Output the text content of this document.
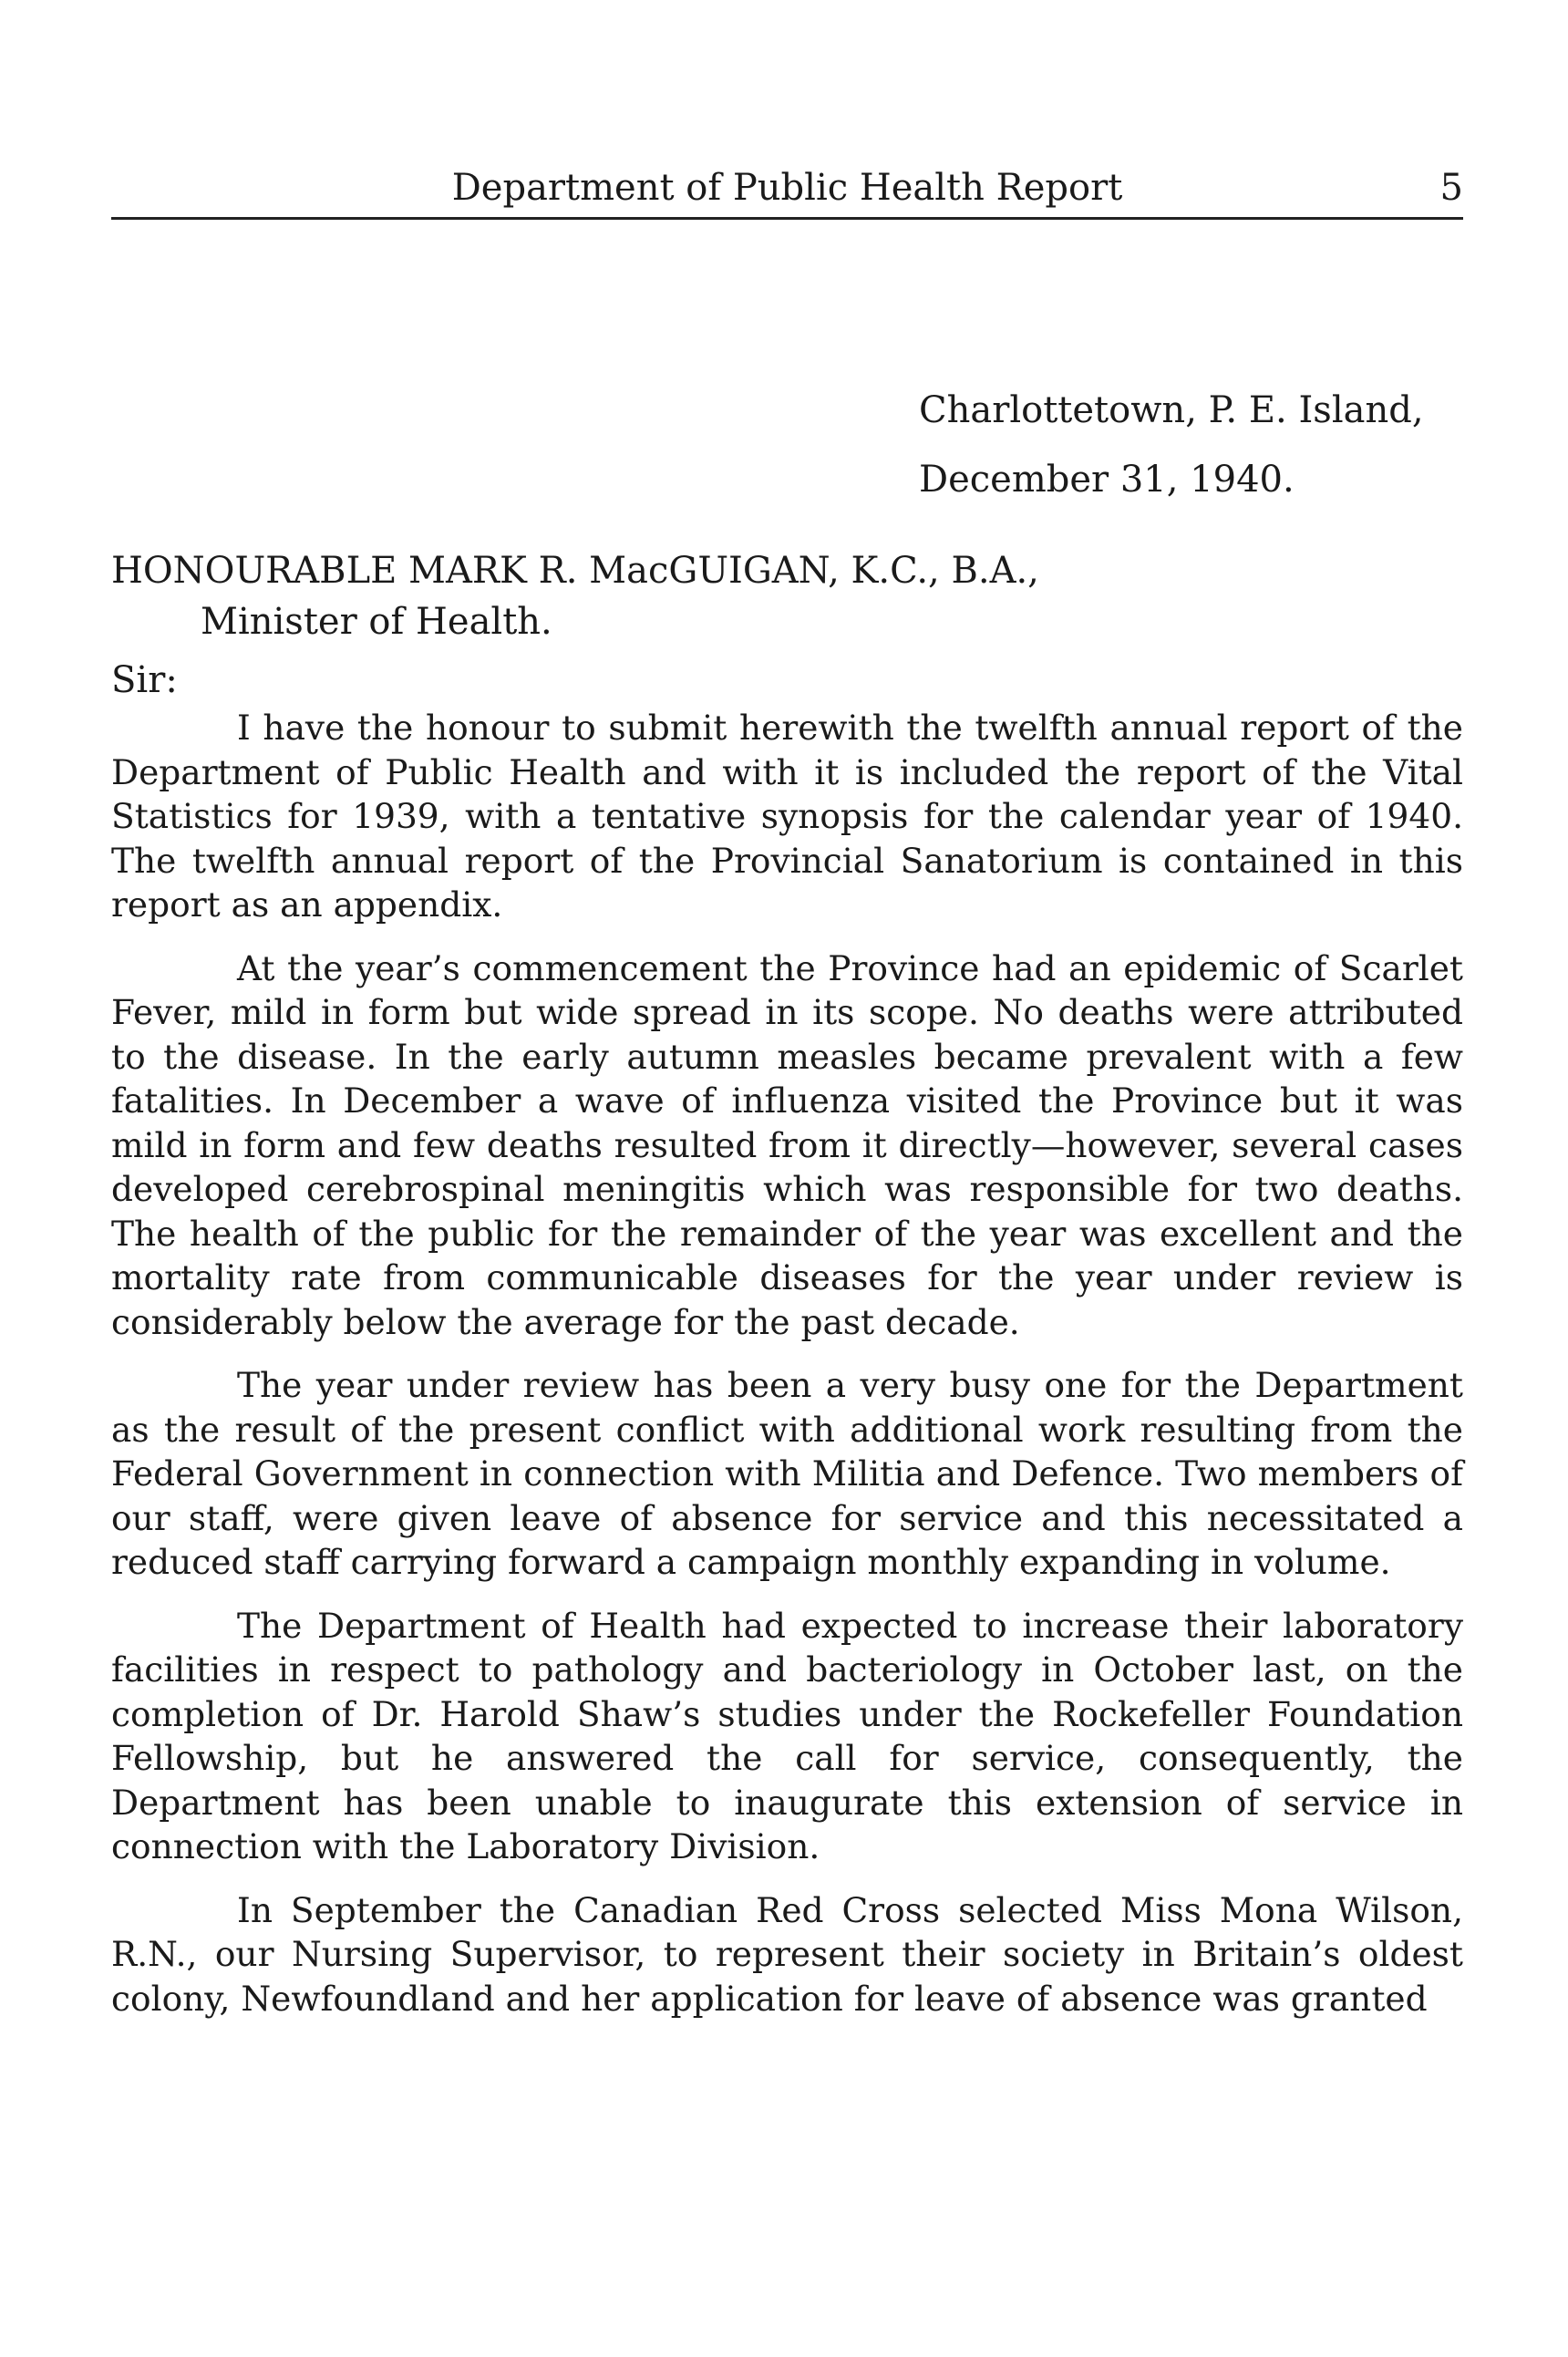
Department of Public Health Report	5
Charlottetown, P. E. Island,
December 31, 1940.
HONOURABLE MARK R. MacGUIGAN, K.C., B.A.,
Minister of Health.
Sir:

I have the honour to submit herewith the twelfth annual report of the Department of Public Health and with it is included the report of the Vital Statistics for 1939, with a tentative synopsis for the calendar year of 1940. The twelfth annual report of the Provincial Sanatorium is contained in this report as an appendix.

At the year’s commencement the Province had an epidemic of Scarlet Fever, mild in form but wide spread in its scope. No deaths were attributed to the disease. In the early autumn measles became prevalent with a few fatalities. In December a wave of influenza visited the Province but it was mild in form and few deaths resulted from it directly—however, several cases developed cerebrospinal meningitis which was responsible for two deaths. The health of the public for the remainder of the year was excellent and the mortality rate from communicable diseases for the year under review is considerably below the average for the past decade.

The year under review has been a very busy one for the Department as the result of the present conflict with additional work resulting from the Federal Government in connection with Militia and Defence. Two members of our staff, were given leave of absence for service and this necessitated a reduced staff carrying forward a campaign monthly expanding in volume.

The Department of Health had expected to increase their laboratory facilities in respect to pathology and bacteriology in October last, on the completion of Dr. Harold Shaw’s studies under the Rockefeller Foundation Fellowship, but he answered the call for service, consequently, the Department has been unable to inaugurate this extension of service in connection with the Laboratory Division.

In September the Canadian Red Cross selected Miss Mona Wilson, R.N., our Nursing Supervisor, to represent their society in Britain’s oldest colony, Newfoundland and her application for leave of absence was granted
